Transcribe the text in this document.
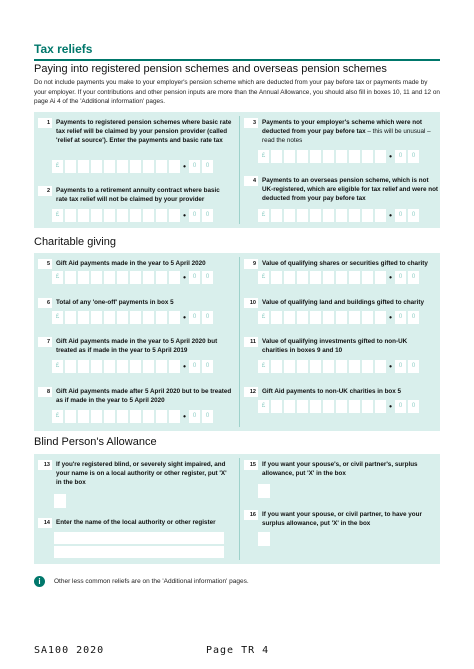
Tax reliefs
Paying into registered pension schemes and overseas pension schemes
Do not include payments you make to your employer's pension scheme which are deducted from your pay before tax or payments made by your employer. If your contributions and other pension inputs are more than the Annual Allowance, you should also fill in boxes 10, 11 and 12 on page Ai 4 of the 'Additional information' pages.
1 Payments to registered pension schemes where basic rate tax relief will be claimed by your pension provider (called 'relief at source'). Enter the payments and basic rate tax
£	•	0	0
2 Payments to a retirement annuity contract where basic rate tax relief will not be claimed by your provider
£	•	0	0
3 Payments to your employer's scheme which were not deducted from your pay before tax – this will be unusual – read the notes
£	•	0	0
4 Payments to an overseas pension scheme, which is not UK-registered, which are eligible for tax relief and were not deducted from your pay before tax
£	•	0	0
Charitable giving
5 Gift Aid payments made in the year to 5 April 2020
£	•	0	0
6 Total of any 'one-off' payments in box 5
£	•	0	0
7 Gift Aid payments made in the year to 5 April 2020 but treated as if made in the year to 5 April 2019
£	•	0	0
8 Gift Aid payments made after 5 April 2020 but to be treated as if made in the year to 5 April 2020
£	•	0	0
9 Value of qualifying shares or securities gifted to charity
£	•	0	0
10 Value of qualifying land and buildings gifted to charity
£	•	0	0
11 Value of qualifying investments gifted to non-UK charities in boxes 9 and 10
£	•	0	0
12 Gift Aid payments to non-UK charities in box 5
£	•	0	0
Blind Person's Allowance
13 If you're registered blind, or severely sight impaired, and your name is on a local authority or other register, put 'X' in the box
14 Enter the name of the local authority or other register
15 If you want your spouse's, or civil partner's, surplus allowance, put 'X' in the box
16 If you want your spouse, or civil partner, to have your surplus allowance, put 'X' in the box
i	Other less common reliefs are on the 'Additional information' pages.
SA100 2020	Page TR 4
